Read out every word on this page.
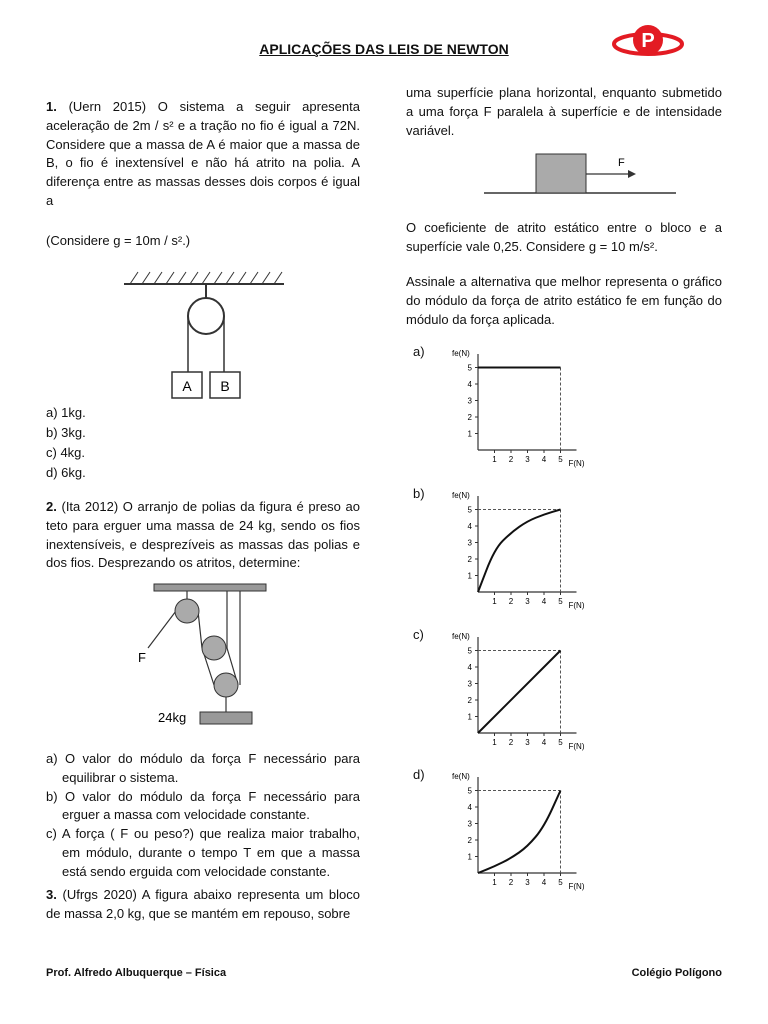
APLICAÇÕES DAS LEIS DE NEWTON	P
1. (Uern 2015) O sistema a seguir apresenta aceleração de 2m / s² e a tração no fio é igual a 72N. Considere que a massa de A é maior que a massa de B, o fio é inextensível e não há atrito na polia. A diferença entre as massas desses dois corpos é igual a
(Considere g = 10m / s².)
A B
a) 1kg.
b) 3kg.
c) 4kg.
d) 6kg.
2. (Ita 2012) O arranjo de polias da figura é preso ao teto para erguer uma massa de 24 kg, sendo os fios inextensíveis, e desprezíveis as massas das polias e dos fios. Desprezando os atritos, determine:
F
24kg
a) O valor do módulo da força F necessário para equilibrar o sistema.
b) O valor do módulo da força F necessário para erguer a massa com velocidade constante.
c) A força ( F ou peso?) que realiza maior trabalho, em módulo, durante o tempo T em que a massa está sendo erguida com velocidade constante.
3. (Ufrgs 2020) A figura abaixo representa um bloco de massa 2,0 kg, que se mantém em repouso, sobre
uma superfície plana horizontal, enquanto submetido a uma força F paralela à superfície e de intensidade variável.
F
O coeficiente de atrito estático entre o bloco e a superfície vale 0,25. Considere g = 10 m/s².
Assinale a alternativa que melhor representa o gráfico do módulo da força de atrito estático fe em função do módulo da força aplicada.
a)	fe(N)
F(N)
1
1
2
2
3
3
4
4
5
5
b)	fe(N)
F(N)
1
1
2
2
3
3
4
4
5
5
c)	fe(N)
F(N)
1
1
2
2
3
3
4
4
5
5
d)	fe(N)
F(N)
1
1
2
2
3
3
4
4
5
5
Prof. Alfredo Albuquerque – Física	Colégio Polígono
